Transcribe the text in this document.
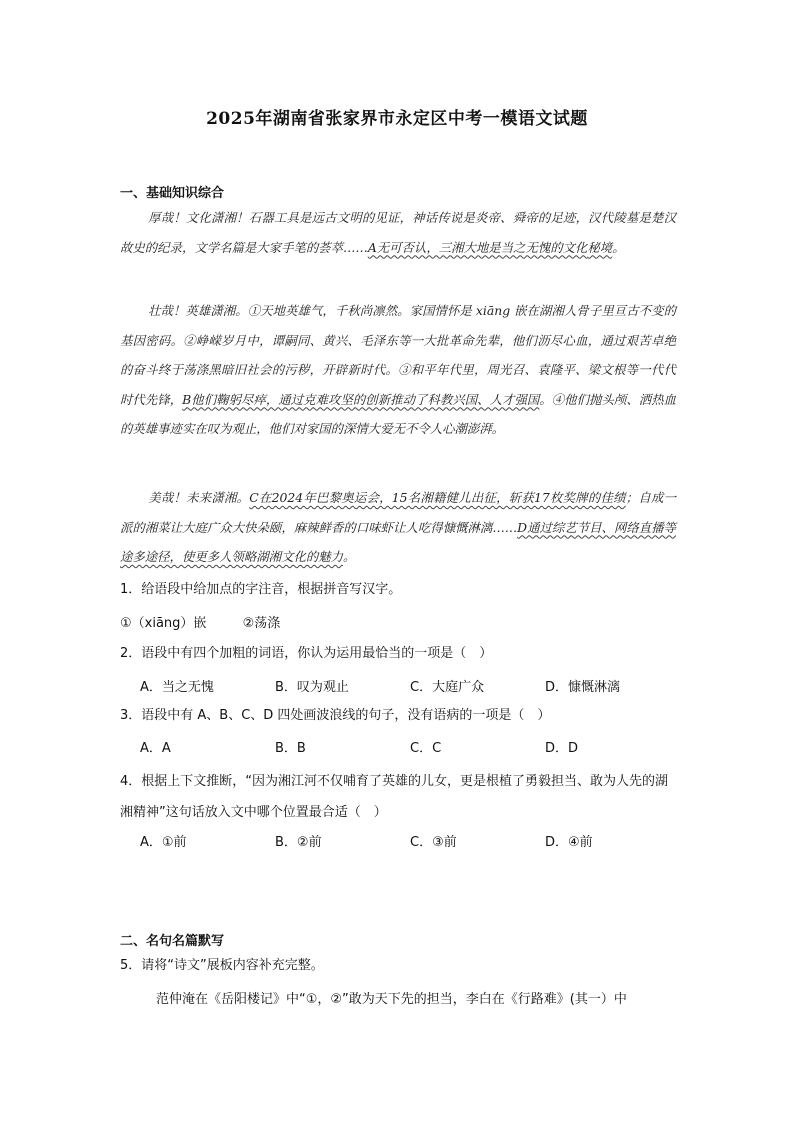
2025年湖南省张家界市永定区中考一模语文试题
一、基础知识综合
厚哉！文化潇湘！石器工具是远古文明的见证，神话传说是炎帝、舜帝的足迹，汉代陵墓是楚汉故史的纪录，文学名篇是大家手笔的荟萃……A无可否认，三湘大地是当之无愧的文化秘境。
壮哉！英雄潇湘。①天地英雄气，千秋尚凛然。家国情怀是 xiāng 嵌在湖湘人骨子里亘古不变的基因密码。②峥嵘岁月中，谭嗣同、黄兴、毛泽东等一大批革命先辈，他们沥尽心血，通过艰苦卓绝的奋斗终于荡涤黑暗旧社会的污秽，开辟新时代。③和平年代里，周光召、袁隆平、梁文根等一代代时代先锋，B他们鞠躬尽瘁，通过克难攻坚的创新推动了科教兴国、人才强国。④他们抛头颅、洒热血的英雄事迹实在叹为观止，他们对家国的深情大爱无不令人心潮澎湃。
美哉！未来潇湘。C在2024年巴黎奥运会，15名湘籍健儿出征，斩获17枚奖牌的佳绩；自成一派的湘菜让大庭广众大快朵颐，麻辣鲜香的口味虾让人吃得慷慨淋漓……D通过综艺节目、网络直播等途多途径，使更多人领略湖湘文化的魅力。
1．给语段中给加点的字注音，根据拼音写汉字。
①（xiāng）嵌	②荡涤
2．语段中有四个加粗的词语，你认为运用最恰当的一项是（　）
A．当之无愧	B．叹为观止	C．大庭广众	D．慷慨淋漓
3．语段中有 A、B、C、D 四处画波浪线的句子，没有语病的一项是（　）
A．A	B．B	C．C	D．D
4．根据上下文推断，“因为湘江河不仅哺育了英雄的儿女，更是根植了勇毅担当、敢为人先的湖湘精神”这句话放入文中哪个位置最合适（　）
A．①前	B．②前	C．③前	D．④前
二、名句名篇默写
5．请将“诗文”展板内容补充完整。
范仲淹在《岳阳楼记》中“①，②”敢为天下先的担当，李白在《行路难》(其一）中
